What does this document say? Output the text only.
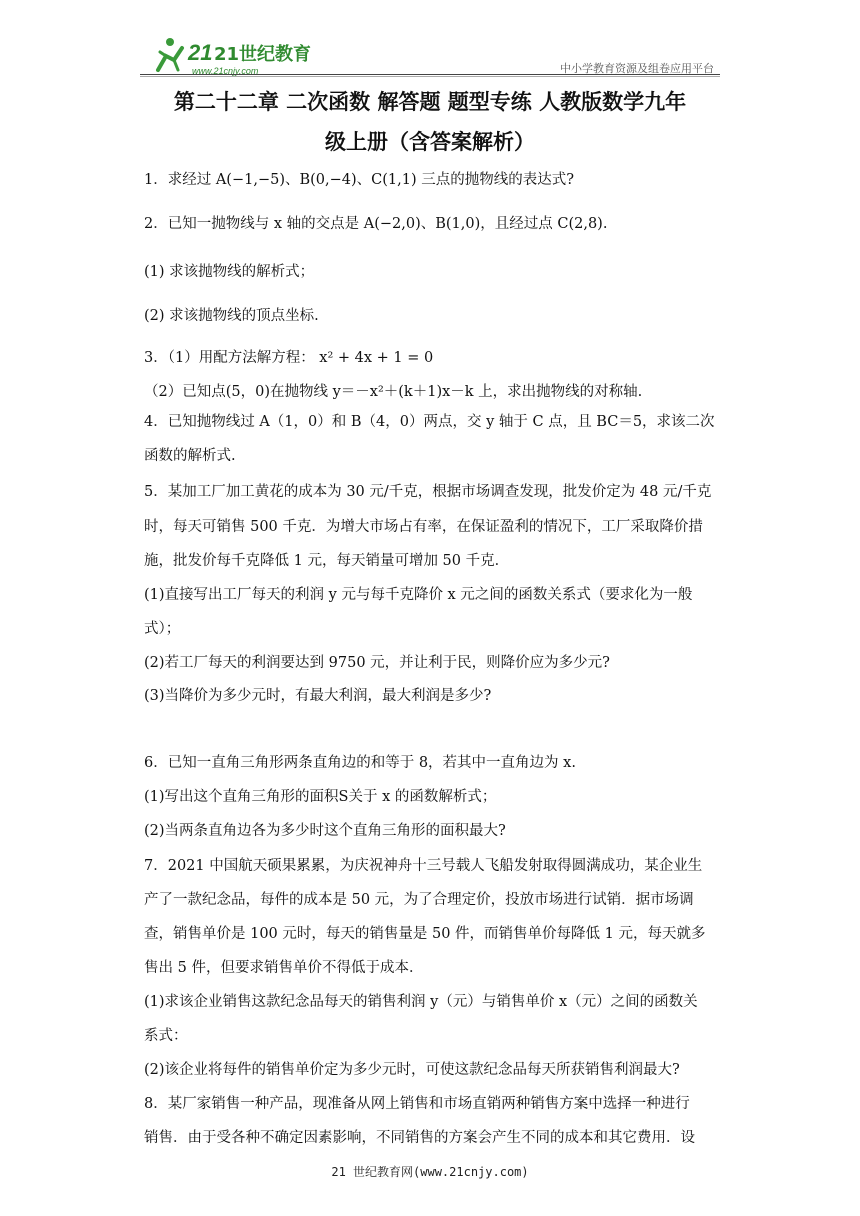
21 21世纪教育
www.21cnjy.com	中小学教育资源及组卷应用平台
第二十二章 二次函数 解答题 题型专练 人教版数学九年
级上册（含答案解析）
1．求经过 A(−1,−5)、B(0,−4)、C(1,1) 三点的抛物线的表达式?
2．已知一抛物线与 x 轴的交点是 A(−2,0)、B(1,0)，且经过点 C(2,8).
(1) 求该抛物线的解析式；
(2) 求该抛物线的顶点坐标.
3．（1）用配方法解方程： x² + 4x + 1 = 0
（2）已知点(5，0)在抛物线 y＝－x²＋(k＋1)x－k 上，求出抛物线的对称轴.
4．已知抛物线过 A（1，0）和 B（4，0）两点，交 y 轴于 C 点，且 BC＝5，求该二次
函数的解析式.
5．某加工厂加工黄花的成本为 30 元/千克，根据市场调查发现，批发价定为 48 元/千克
时，每天可销售 500 千克．为增大市场占有率，在保证盈利的情况下，工厂采取降价措
施，批发价每千克降低 1 元，每天销量可增加 50 千克．
(1)直接写出工厂每天的利润 y 元与每千克降价 x 元之间的函数关系式（要求化为一般
式）；
(2)若工厂每天的利润要达到 9750 元，并让利于民，则降价应为多少元?
(3)当降价为多少元时，有最大利润，最大利润是多少?
6．已知一直角三角形两条直角边的和等于 8，若其中一直角边为 x.
(1)写出这个直角三角形的面积S关于 x 的函数解析式；
(2)当两条直角边各为多少时这个直角三角形的面积最大?
7．2021 中国航天硕果累累，为庆祝神舟十三号载人飞船发射取得圆满成功，某企业生
产了一款纪念品，每件的成本是 50 元，为了合理定价，投放市场进行试销．据市场调
查，销售单价是 100 元时，每天的销售量是 50 件，而销售单价每降低 1 元，每天就多
售出 5 件，但要求销售单价不得低于成本．
(1)求该企业销售这款纪念品每天的销售利润 y（元）与销售单价 x（元）之间的函数关
系式：
(2)该企业将每件的销售单价定为多少元时，可使这款纪念品每天所获销售利润最大?
8．某厂家销售一种产品，现准备从网上销售和市场直销两种销售方案中选择一种进行
销售．由于受各种不确定因素影响，不同销售的方案会产生不同的成本和其它费用．设
21 世纪教育网(www.21cnjy.com)
